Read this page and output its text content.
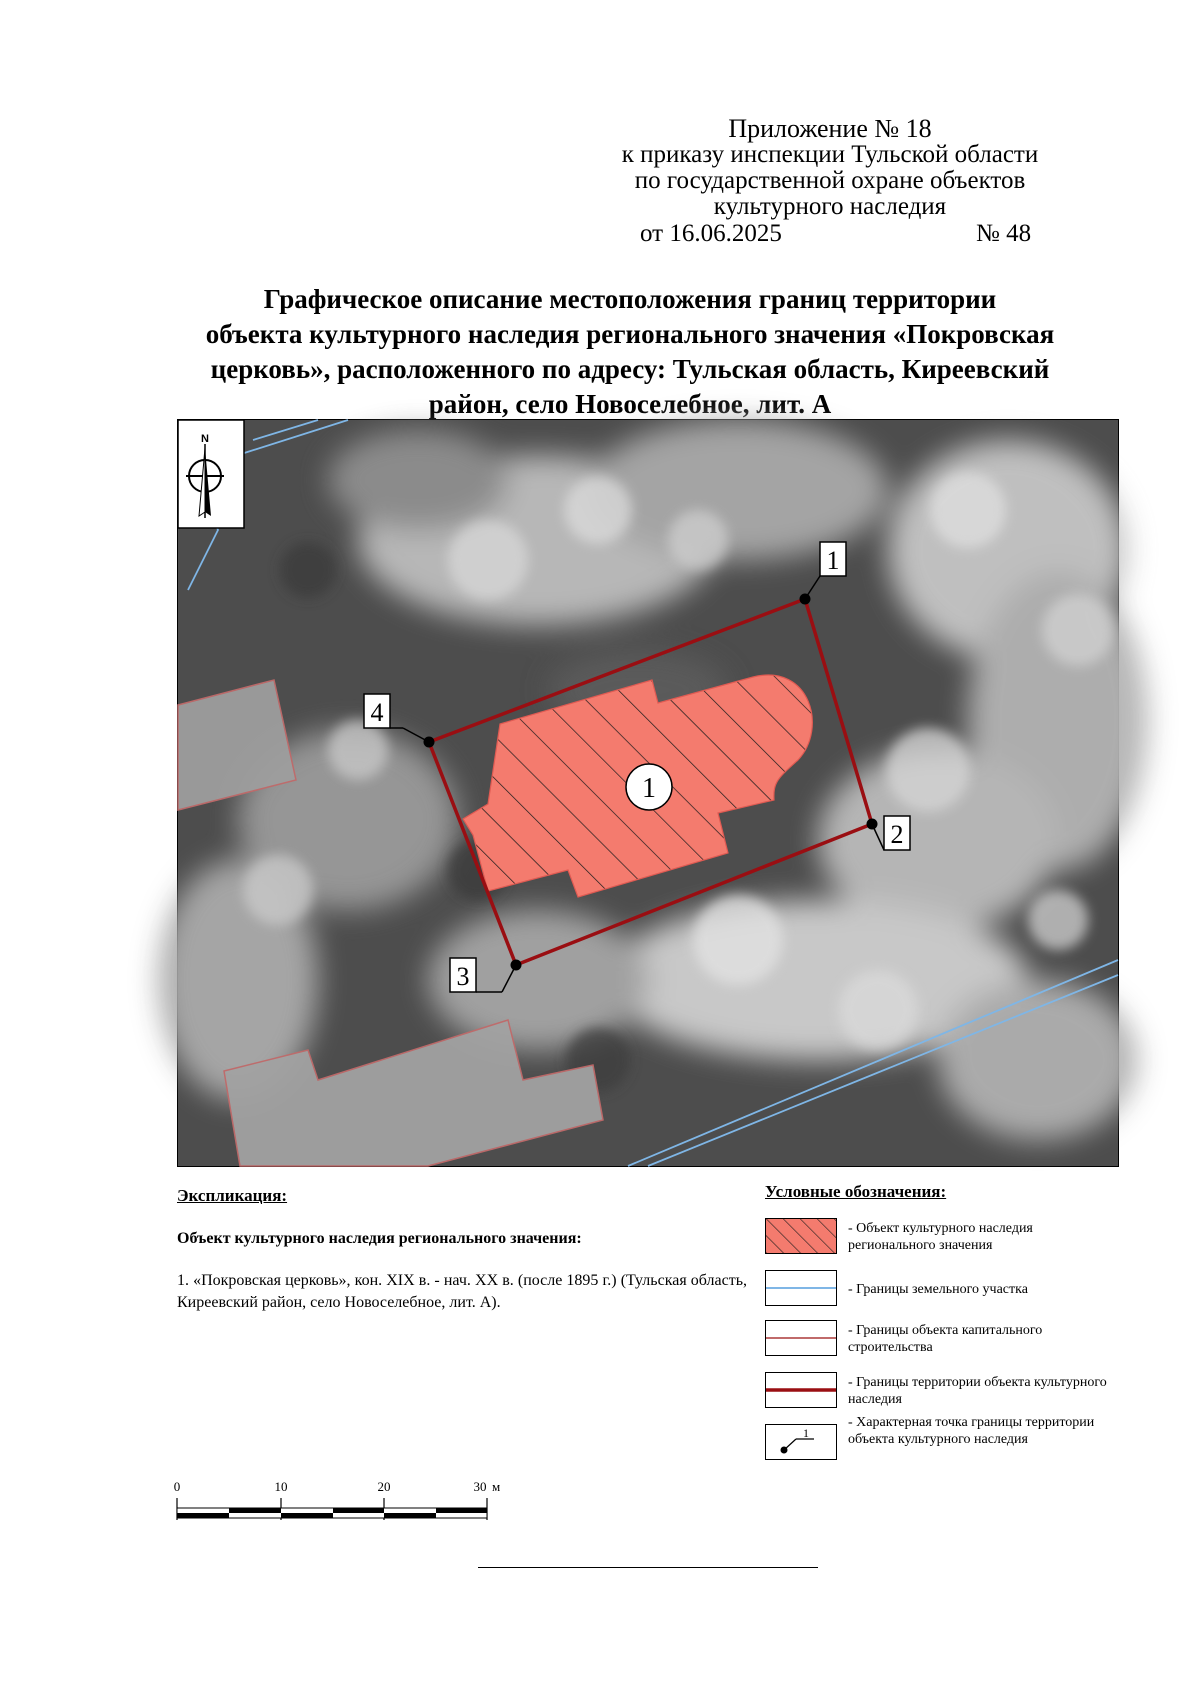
Приложение № 18
к приказу инспекции Тульской области
по государственной охране объектов
культурного наследия
от 16.06.2025	№ 48
Графическое описание местоположения границ территории
объекта культурного наследия регионального значения «Покровская
церковь», расположенного по адресу: Тульская область, Киреевский
район, село Новоселебное, лит. А
1
2
3
4
1
N
Экспликация:
Объект культурного наследия регионального значения:
1. «Покровская церковь», кон. XIX в. - нач. XX в. (после 1895 г.) (Тульская область, Киреевский район, село Новоселебное, лит. А).
Условные обозначения:
- Объект культурного наследия регионального значения
- Границы земельного участка
- Границы объекта капитального строительства
- Границы территории объекта культурного наследия
1
- Характерная точка границы территории объекта культурного наследия
0	10	20	30 м
